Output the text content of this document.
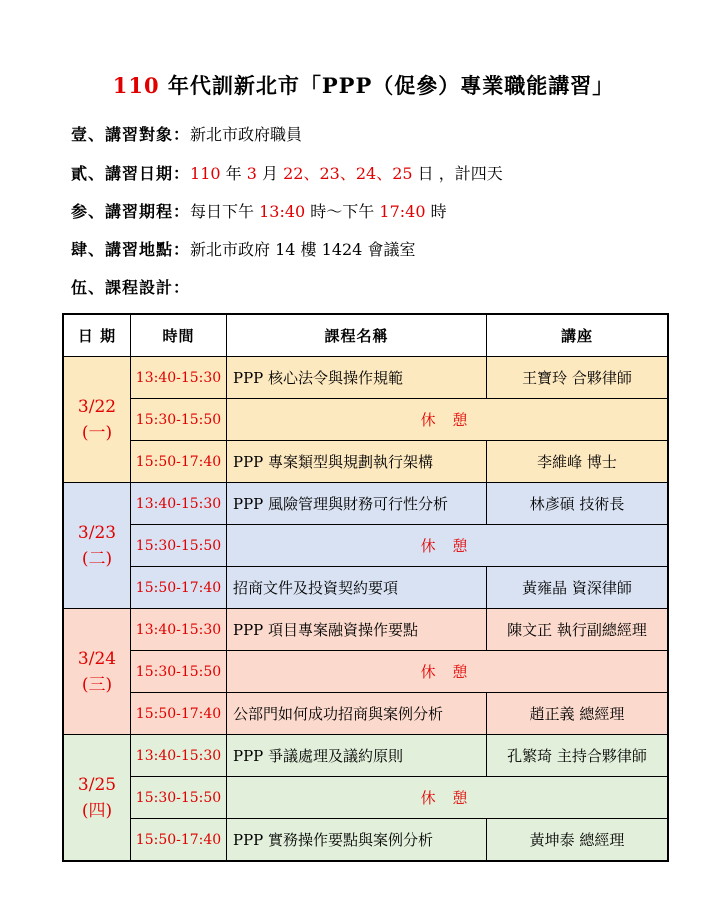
110 年代訓新北市「PPP（促參）專業職能講習」
壹、講習對象：新北市政府職員
貳、講習日期：110 年 3 月 22、23、24、25 日 ，計四天
参、講習期程：每日下午 13:40 時～下午 17:40 時
肆、講習地點：新北市政府 14 樓 1424 會議室
伍、課程設計：
日 期	時間	課程名稱	講座
3/22
(一)	13:40-15:30	PPP 核心法令與操作規範	王寶玲 合夥律師
	15:30-15:50	休 憩	
	15:50-17:40	PPP 專案類型與規劃執行架構	李維峰 博士
3/23
(二)	13:40-15:30	PPP 風險管理與財務可行性分析	林彥碩 技術長
	15:30-15:50	休 憩	
	15:50-17:40	招商文件及投資契約要項	黃雍晶 資深律師
3/24
(三)	13:40-15:30	PPP 項目專案融資操作要點	陳文正 執行副總經理
	15:30-15:50	休 憩	
	15:50-17:40	公部門如何成功招商與案例分析	趙正義 總經理
3/25
(四)	13:40-15:30	PPP 爭議處理及議約原則	孔繁琦 主持合夥律師
	15:30-15:50	休 憩	
	15:50-17:40	PPP 實務操作要點與案例分析	黃坤泰 總經理
